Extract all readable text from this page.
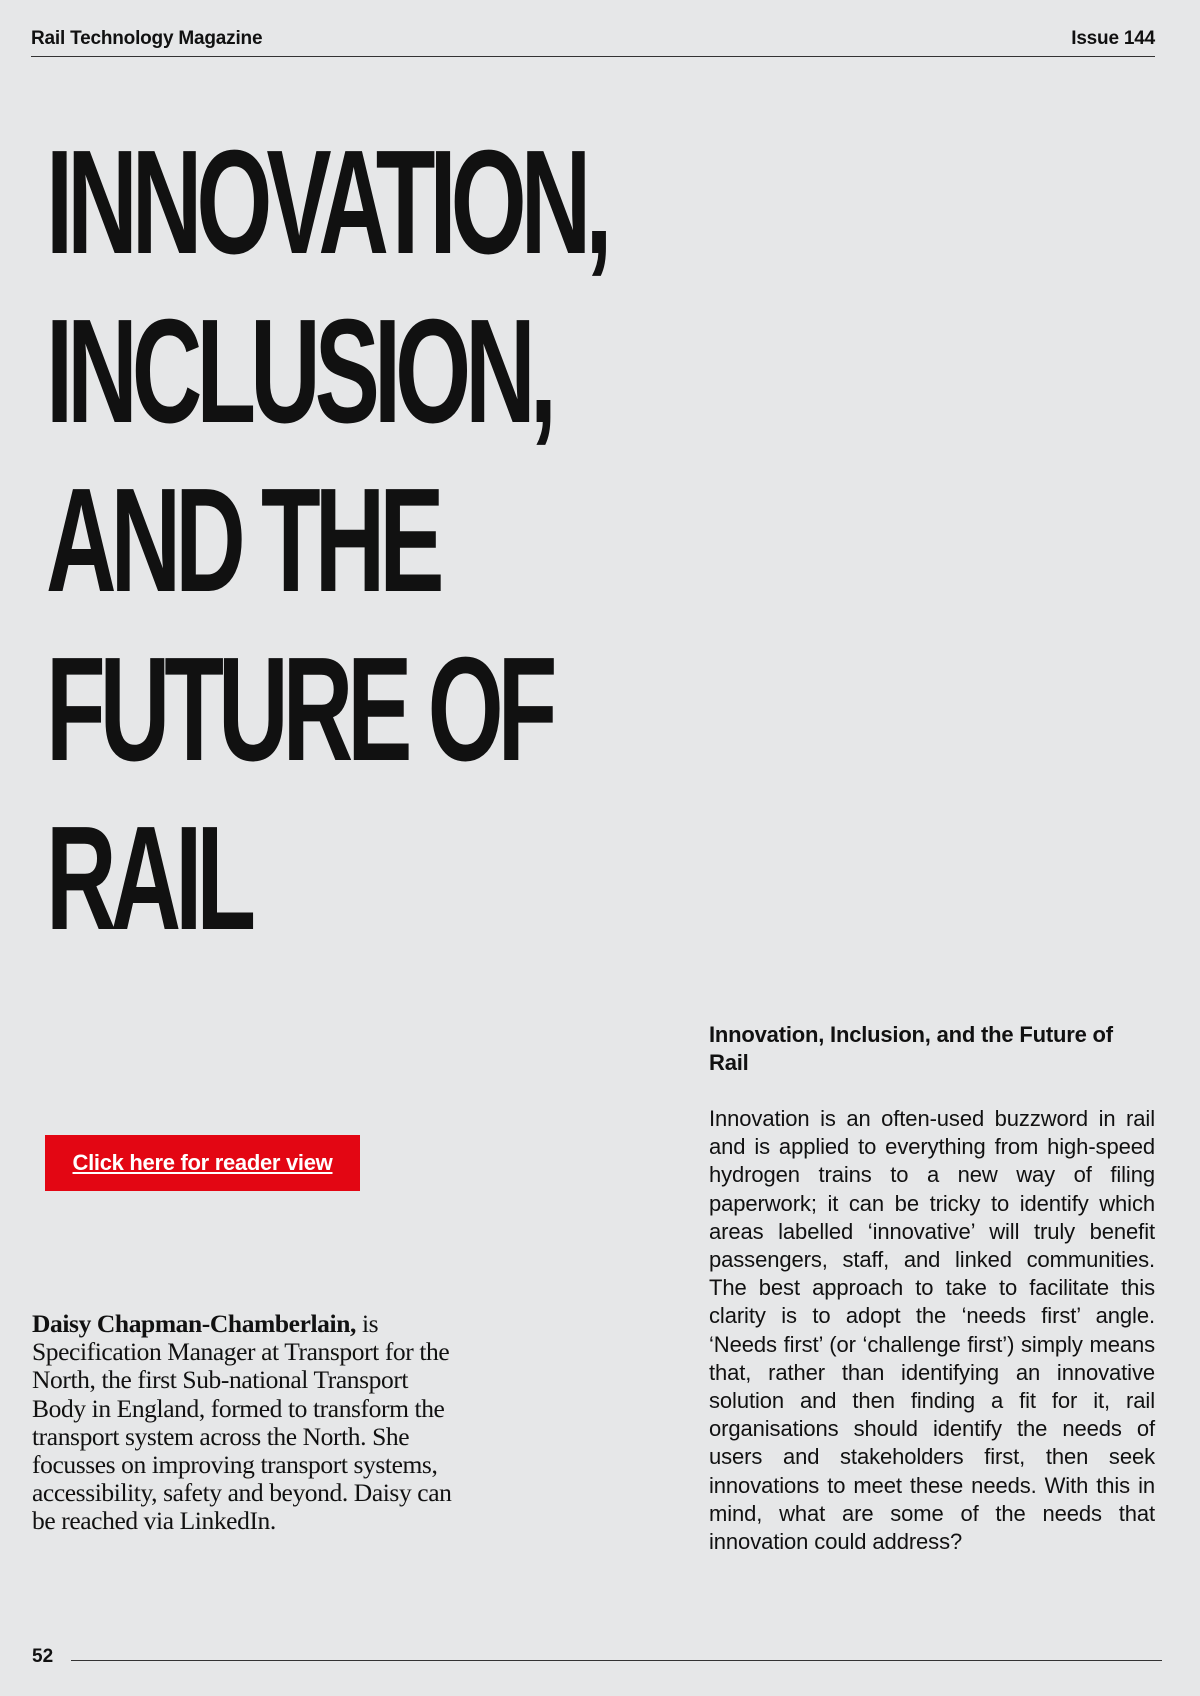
Rail Technology Magazine	Issue 144
INNOVATION,
INCLUSION,
AND THE
FUTURE OF
RAIL
Click here for reader view
Daisy Chapman-Chamberlain, is Specification Manager at Transport for the North, the first Sub-national Transport Body in England, formed to transform the transport system across the North. She focusses on improving transport systems, accessibility, safety and beyond. Daisy can be reached via LinkedIn.
Innovation, Inclusion, and the Future of Rail

Innovation is an often-used buzzword in rail and is applied to everything from high-speed hydrogen trains to a new way of filing paperwork; it can be tricky to identify which areas labelled ‘innovative’ will truly benefit passengers, staff, and linked communities. The best approach to take to facilitate this clarity is to adopt the ‘needs first’ angle. ‘Needs first’ (or ‘challenge first’) simply means that, rather than identifying an innovative solution and then finding a fit for it, rail organisations should identify the needs of users and stakeholders first, then seek innovations to meet these needs. With this in mind, what are some of the needs that innovation could address?

52
